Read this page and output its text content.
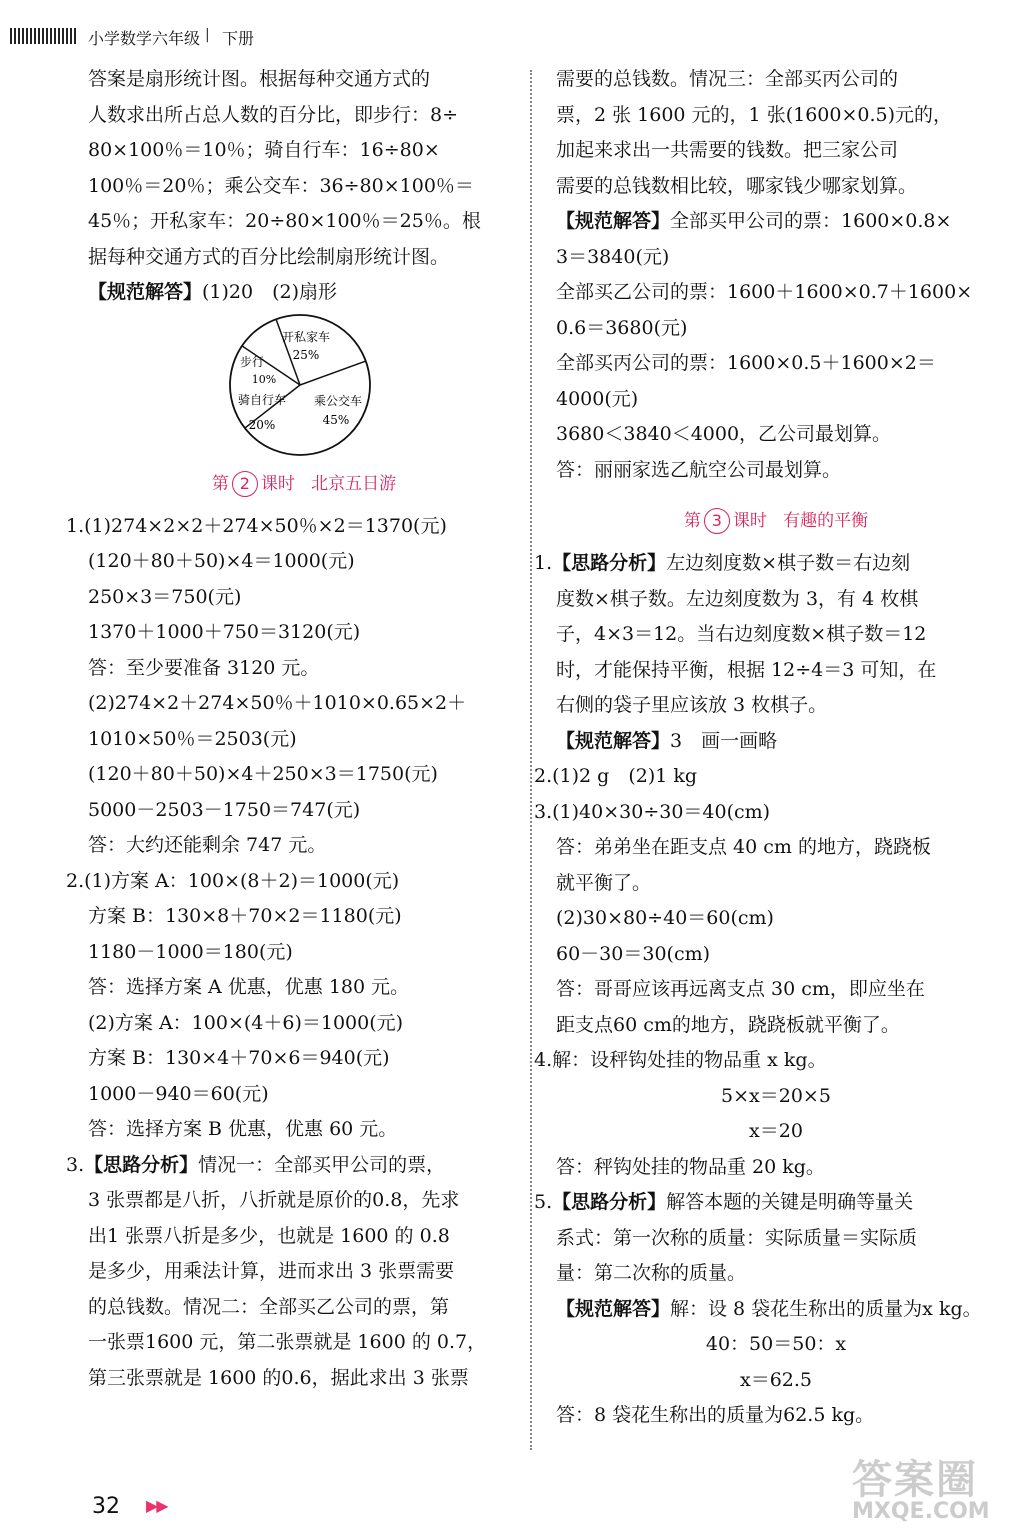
小学数学六年级 | 下册
答案是扇形统计图。根据每种交通方式的
人数求出所占总人数的百分比，即步行：8÷
80×100％＝10％；骑自行车：16÷80×
100％＝20％；乘公交车：36÷80×100％＝
45％；开私家车：20÷80×100％＝25％。根
据每种交通方式的百分比绘制扇形统计图。
【规范解答】(1)20　(2)扇形
开私家车
25%
乘公交车
45%
骑自行车
20%
步行
10%
第 2 课时 北京五日游
1.(1)274×2×2＋274×50％×2＝1370(元)
(120＋80＋50)×4＝1000(元)
250×3＝750(元)
1370＋1000＋750＝3120(元)
答：至少要准备 3120 元。
(2)274×2＋274×50％＋1010×0.65×2＋
1010×50％＝2503(元)
(120＋80＋50)×4＋250×3＝1750(元)
5000－2503－1750＝747(元)
答：大约还能剩余 747 元。
2.(1)方案 A：100×(8＋2)＝1000(元)
方案 B：130×8＋70×2＝1180(元)
1180－1000＝180(元)
答：选择方案 A 优惠，优惠 180 元。
(2)方案 A：100×(4＋6)＝1000(元)
方案 B：130×4＋70×6＝940(元)
1000－940＝60(元)
答：选择方案 B 优惠，优惠 60 元。
3.【思路分析】情况一：全部买甲公司的票，
3 张票都是八折，八折就是原价的0.8，先求
出1 张票八折是多少，也就是 1600 的 0.8
是多少，用乘法计算，进而求出 3 张票需要
的总钱数。情况二：全部买乙公司的票，第
一张票1600 元，第二张票就是 1600 的 0.7，
第三张票就是 1600 的0.6，据此求出 3 张票
需要的总钱数。情况三：全部买丙公司的
票，2 张 1600 元的，1 张(1600×0.5)元的，
加起来求出一共需要的钱数。把三家公司
需要的总钱数相比较，哪家钱少哪家划算。
【规范解答】全部买甲公司的票：1600×0.8×
3＝3840(元)
全部买乙公司的票：1600＋1600×0.7＋1600×
0.6＝3680(元)
全部买丙公司的票：1600×0.5＋1600×2＝
4000(元)
3680＜3840＜4000，乙公司最划算。
答：丽丽家选乙航空公司最划算。
第 3 课时 有趣的平衡
1.【思路分析】左边刻度数×棋子数＝右边刻
度数×棋子数。左边刻度数为 3，有 4 枚棋
子，4×3＝12。当右边刻度数×棋子数＝12
时，才能保持平衡，根据 12÷4＝3 可知，在
右侧的袋子里应该放 3 枚棋子。
【规范解答】3　画一画略
2.(1)2 g　(2)1 kg
3.(1)40×30÷30＝40(cm)
答：弟弟坐在距支点 40 cm 的地方，跷跷板
就平衡了。
(2)30×80÷40＝60(cm)
60－30＝30(cm)
答：哥哥应该再远离支点 30 cm，即应坐在
距支点60 cm的地方，跷跷板就平衡了。
4.解：设秤钩处挂的物品重 x kg。
5×x＝20×5
x＝20
答：秤钩处挂的物品重 20 kg。
5.【思路分析】解答本题的关键是明确等量关
系式：第一次称的质量：实际质量＝实际质
量：第二次称的质量。
【规范解答】解：设 8 袋花生称出的质量为x kg。
40：50＝50：x
x＝62.5
答：8 袋花生称出的质量为62.5 kg。
32 ▶▶
答案圈
MXQE.COM
